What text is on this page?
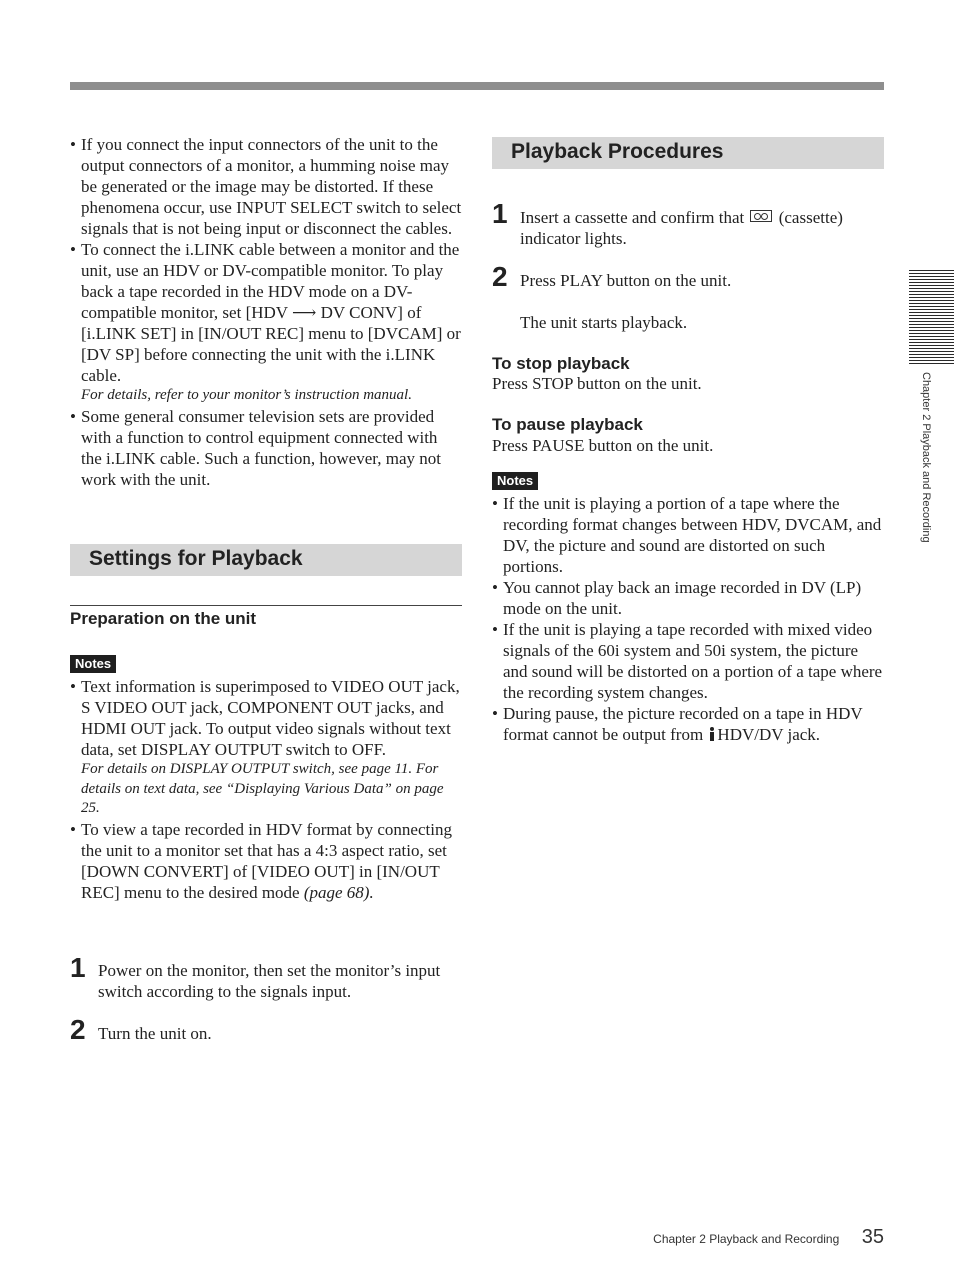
• If you connect the input connectors of the unit to the output connectors of a monitor, a humming noise may be generated or the image may be distorted. If these phenomena occur, use INPUT SELECT switch to select signals that is not being input or disconnect the cables.
• To connect the i.LINK cable between a monitor and the unit, use an HDV or DV-compatible monitor. To play back a tape recorded in the HDV mode on a DV-compatible monitor, set [HDV ⟶ DV CONV] of [i.LINK SET] in [IN/OUT REC] menu to [DVCAM] or [DV SP] before connecting the unit with the i.LINK cable.
For details, refer to your monitor’s instruction manual.
• Some general consumer television sets are provided with a function to control equipment connected with the i.LINK cable. Such a function, however, may not work with the unit.
Settings for Playback
Preparation on the unit
Notes
• Text information is superimposed to VIDEO OUT jack, S VIDEO OUT jack, COMPONENT OUT jacks, and HDMI OUT jack. To output video signals without text data, set DISPLAY OUTPUT switch to OFF.
For details on DISPLAY OUTPUT switch, see page 11. For details on text data, see “Displaying Various Data” on page 25.
• To view a tape recorded in HDV format by connecting the unit to a monitor set that has a 4:3 aspect ratio, set [DOWN CONVERT] of [VIDEO OUT] in [IN/OUT REC] menu to the desired mode (page 68).
1 Power on the monitor, then set the monitor’s input switch according to the signals input.
2 Turn the unit on.
Playback Procedures
1 Insert a cassette and confirm that (cassette) indicator lights.
2 Press PLAY button on the unit.
The unit starts playback.
To stop playback
Press STOP button on the unit.
To pause playback
Press PAUSE button on the unit.
Notes
• If the unit is playing a portion of a tape where the recording format changes between HDV, DVCAM, and DV, the picture and sound are distorted on such portions.
• You cannot play back an image recorded in DV (LP) mode on the unit.
• If the unit is playing a tape recorded with mixed video signals of the 60i system and 50i system, the picture and sound will be distorted on a portion of a tape where the recording system changes.
• During pause, the picture recorded on a tape in HDV format cannot be output from HDV/DV jack.
Chapter 2 Playback and Recording
Chapter 2 Playback and Recording 35
